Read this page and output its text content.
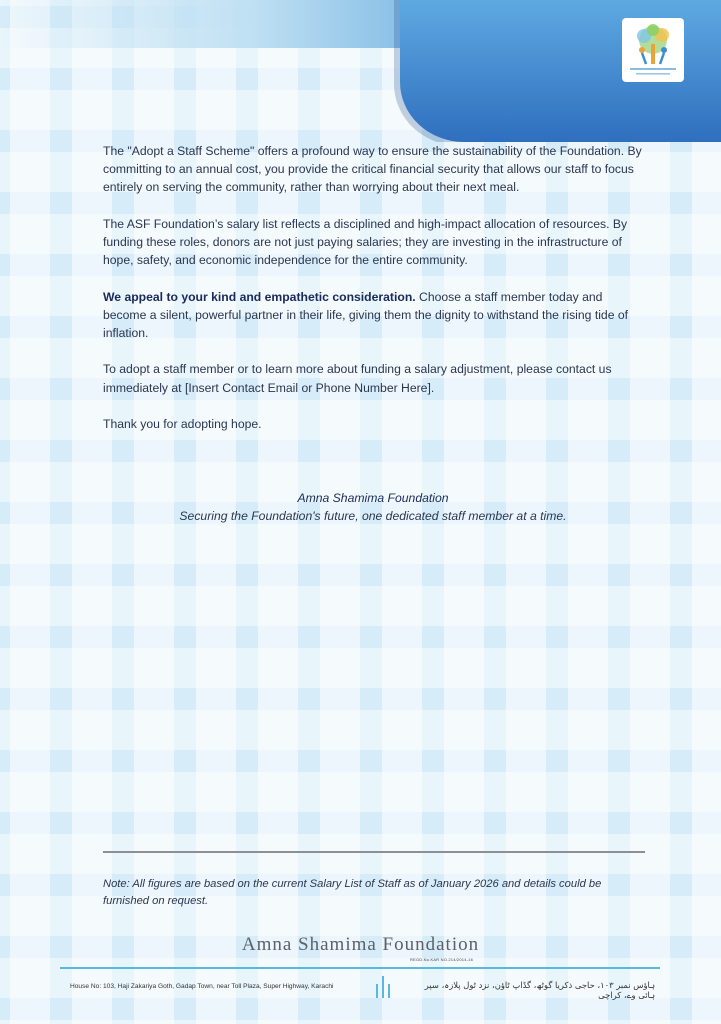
The "Adopt a Staff Scheme" offers a profound way to ensure the sustainability of the Foundation. By committing to an annual cost, you provide the critical financial security that allows our staff to focus entirely on serving the community, rather than worrying about their next meal.

The ASF Foundation’s salary list reflects a disciplined and high-impact allocation of resources. By funding these roles, donors are not just paying salaries; they are investing in the infrastructure of hope, safety, and economic independence for the entire community.

We appeal to your kind and empathetic consideration. Choose a staff member today and become a silent, powerful partner in their life, giving them the dignity to withstand the rising tide of inflation.

To adopt a staff member or to learn more about funding a salary adjustment, please contact us immediately at [Insert Contact Email or Phone Number Here].

Thank you for adopting hope.

Amna Shamima Foundation
Securing the Foundation's future, one dedicated staff member at a time.
Note: All figures are based on the current Salary List of Staff as of January 2026 and details could be furnished on request.
Amna Shamima Foundation
REGD.No.KAR NO.214/2014-16
House No: 103, Haji Zakariya Goth, Gadap Town, near Toll Plaza, Super Highway, Karachi	ہاؤس نمبر ۱۰۳، حاجی ذکریا گوٹھ، گڈاپ ٹاؤن، نزد ٹول پلازہ، سپر ہائی وے، کراچی
